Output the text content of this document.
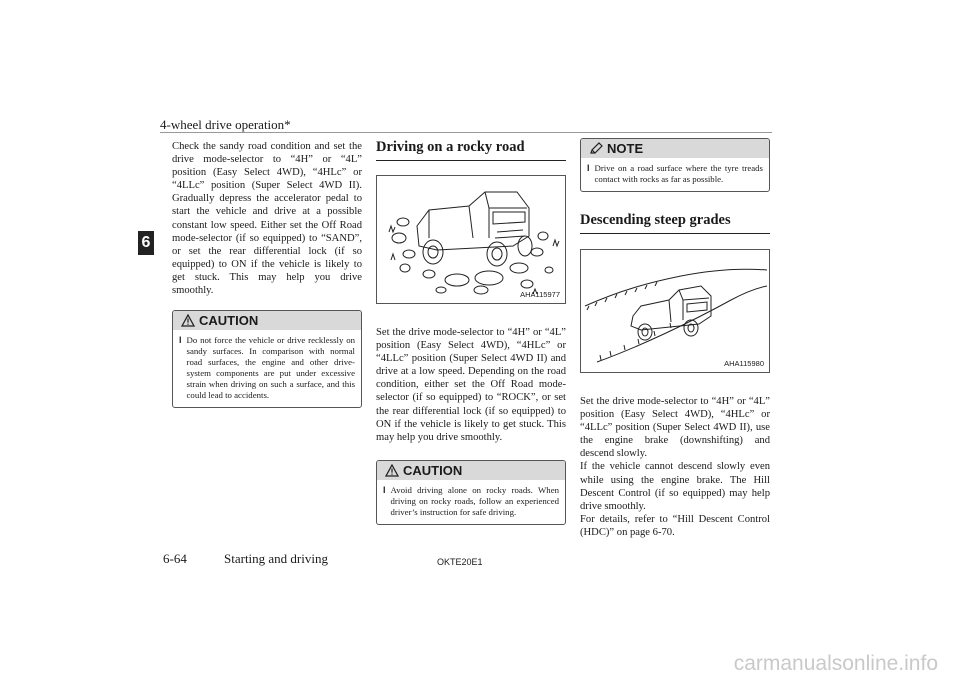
4-wheel drive operation*
6

Check the sandy road condition and set the drive mode-selector to “4H” or “4L” position (Easy Select 4WD), “4HLc” or “4LLc” position (Super Select 4WD II). Gradually depress the accelerator pedal to start the vehicle and drive at a possible constant low speed. Either set the Off Road mode-selector (if so equipped) to “SAND”, or set the rear differential lock (if so equipped) to ON if the vehicle is likely to get stuck. This may help you drive smoothly.

CAUTION
l Do not force the vehicle or drive recklessly on sandy surfaces. In comparison with normal road surfaces, the engine and other drive-system components are put under excessive strain when driving on such a surface, and this could lead to accidents.
Driving on a rocky road
AHA115977

Set the drive mode-selector to “4H” or “4L” position (Easy Select 4WD), “4HLc” or “4LLc” position (Super Select 4WD II) and drive at a low speed. Depending on the road condition, either set the Off Road mode-selector (if so equipped) to “ROCK”, or set the rear differential lock (if so equipped) to ON if the vehicle is likely to get stuck. This may help you drive smoothly.

CAUTION
l Avoid driving alone on rocky roads. When driving on rocky roads, follow an experienced driver’s instruction for safe driving.
NOTE
l Drive on a road surface where the tyre treads contact with rocks as far as possible.
Descending steep grades
AHA115980

Set the drive mode-selector to “4H” or “4L” position (Easy Select 4WD), “4HLc” or “4LLc” position (Super Select 4WD II), use the engine brake (downshifting) and descend slowly.

If the vehicle cannot descend slowly even while using the engine brake. The Hill Descent Control (if so equipped) may help drive smoothly.

For details, refer to “Hill Descent Control (HDC)” on page 6-70.

6-64	Starting and driving	OKTE20E1
carmanualsonline.info
